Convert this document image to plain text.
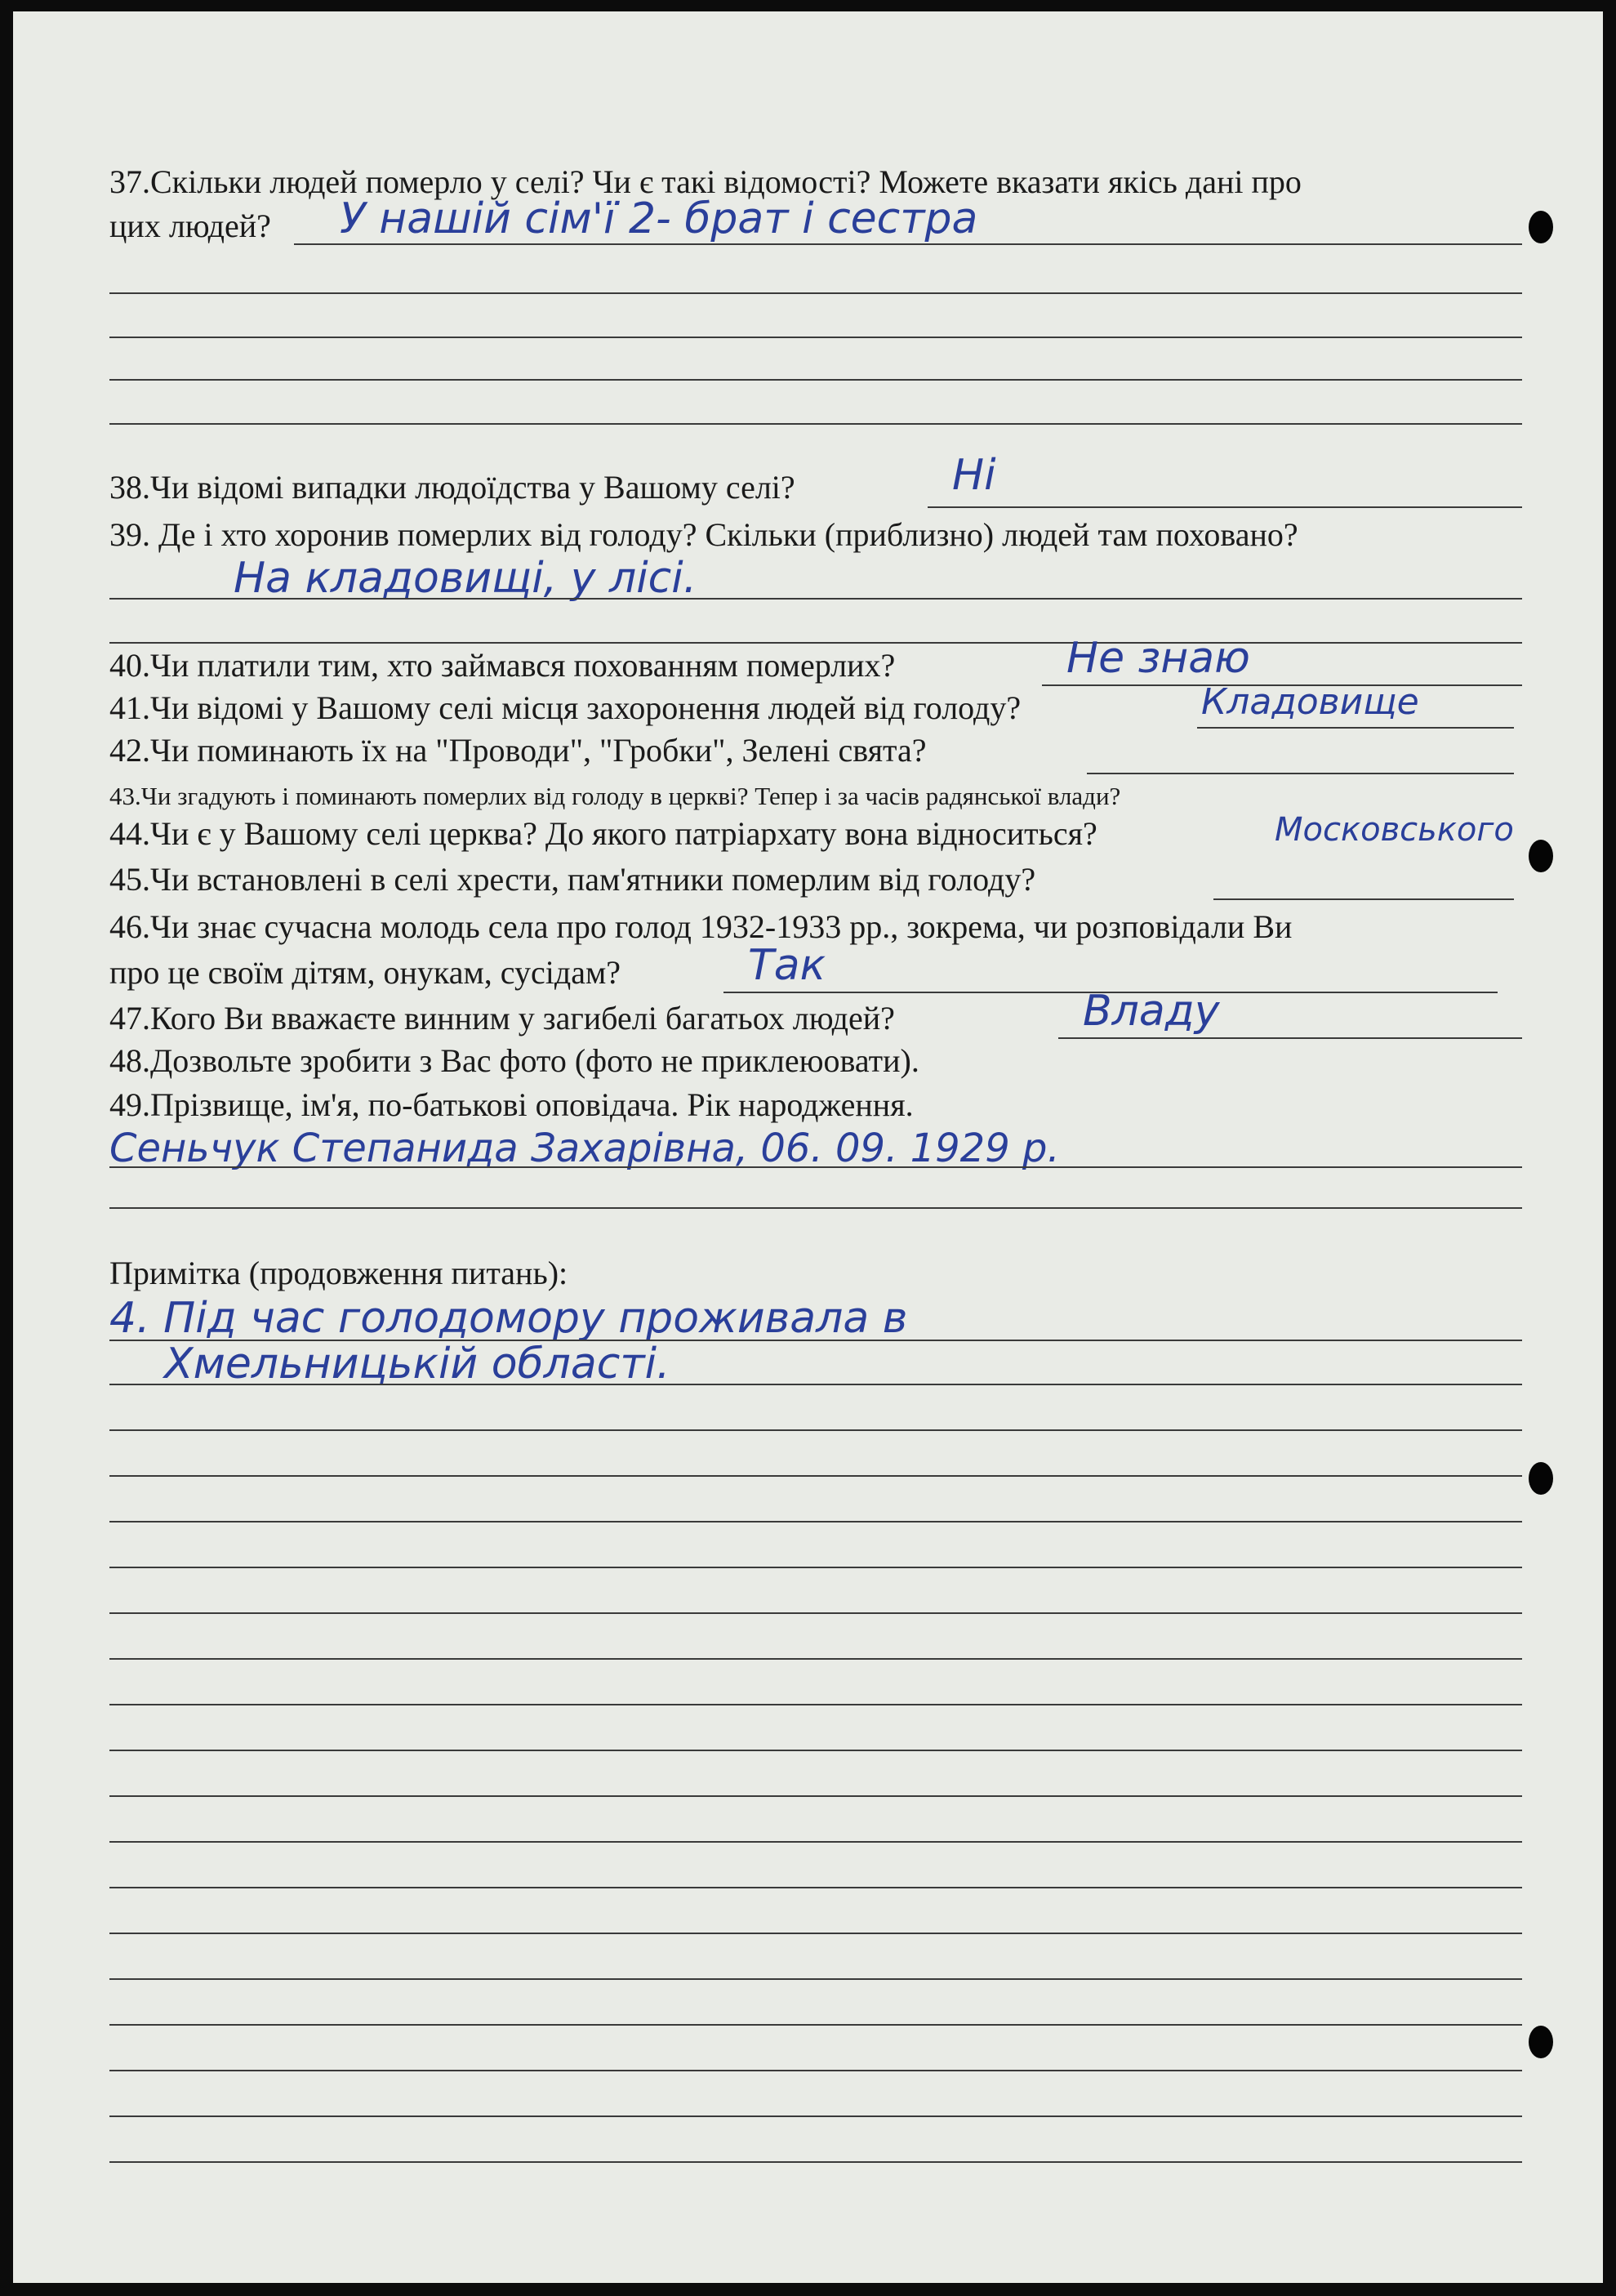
37.Скільки людей померло у селі? Чи є такі відомості? Можете вказати якісь дані про
цих людей? У нашій сім'ї 2- брат і сестра
38.Чи відомі випадки людоїдства у Вашому селі?	Ні
39. Де і хто хоронив померлих від голоду? Скільки (приблизно) людей там поховано?
На кладовищі, у лісі.
40.Чи платили тим, хто займався похованням померлих?	Не знаю
41.Чи відомі у Вашому селі місця захоронення людей від голоду?	Кладовище
42.Чи поминають їх на "Проводи", "Гробки", Зелені свята?
43.Чи згадують і поминають померлих від голоду в церкві? Тепер і за часів радянської влади?
44.Чи є у Вашому селі церква? До якого патріархату вона відноситься?	Московського
45.Чи встановлені в селі хрести, пам'ятники померлим від голоду?
46.Чи знає сучасна молодь села про голод 1932-1933 рр., зокрема, чи розповідали Ви
про це своїм дітям, онукам, сусідам?	Так
47.Кого Ви вважаєте винним у загибелі багатьох людей?	Владу
48.Дозвольте зробити з Вас фото (фото не приклеюовати).
49.Прізвище, ім'я, по-батькові оповідача. Рік народження.
Сеньчук Степанида Захарівна, 06. 09. 1929 р.
Примітка (продовження питань):
4. Під час голодомору проживала в
Хмельницькій області.
